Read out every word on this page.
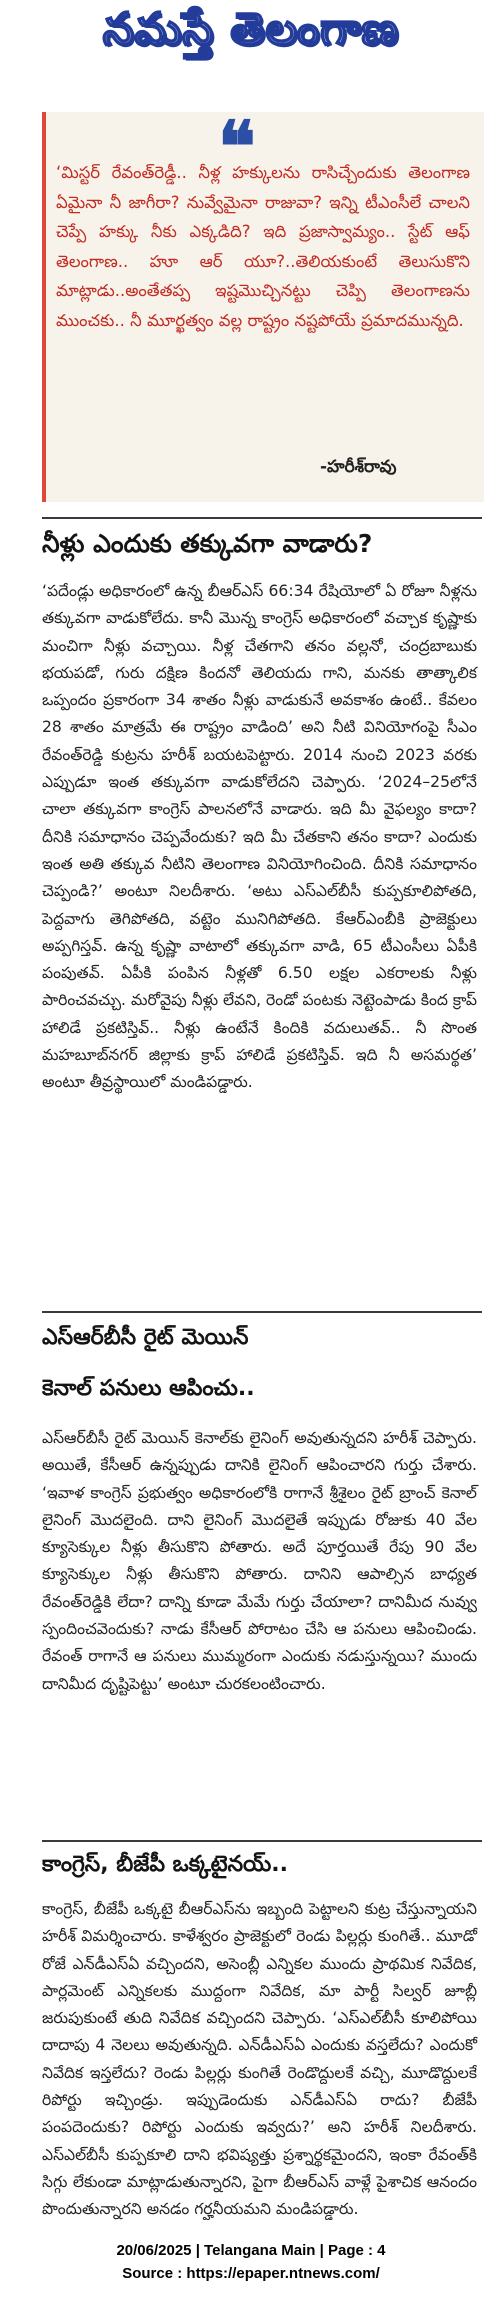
నమస్తే తెలంగాణ
❝

‘మిస్టర్ రేవంత్‌రెడ్డీ.. నీళ్ల హక్కులను రాసిచ్చేందుకు తెలంగాణ ఏమైనా నీ జాగీరా? నువ్వేమైనా రాజువా? ఇన్ని టీఎంసీలే చాలని చెప్పే హక్కు నీకు ఎక్కడిది? ఇది ప్రజాస్వామ్యం.. స్టేట్ ఆఫ్ తెలంగాణ.. హూ ఆర్ యూ?..తెలియకుంటే తెలుసుకొని మాట్లాడు..అంతేతప్ప ఇష్టమొచ్చినట్టు చెప్పి తెలంగాణను ముంచకు.. నీ మూర్ఖత్వం వల్ల రాష్ట్రం నష్టపోయే ప్రమాదమున్నది.

-హరీశ్‌రావు
నీళ్లు ఎందుకు తక్కువగా వాడారు?

‘పదేండ్లు అధికారంలో ఉన్న బీఆర్‌ఎస్ 66:34 రేషియోలో ఏ రోజూ నీళ్లను తక్కువగా వాడుకోలేదు. కానీ మొన్న కాంగ్రెస్ అధికారంలో వచ్చాక కృష్ణాకు మంచిగా నీళ్లు వచ్చాయి. నీళ్ల చేతగాని తనం వల్లనో, చంద్రబాబుకు భయపడో, గురు దక్షిణ కిందనో తెలియదు గాని, మనకు తాత్కాలిక ఒప్పందం ప్రకారంగా 34 శాతం నీళ్లు వాడుకునే అవకాశం ఉంటే.. కేవలం 28 శాతం మాత్రమే ఈ రాష్ట్రం వాడింది’ అని నీటి వినియోగంపై సీఎం రేవంత్‌రెడ్డి కుట్రను హరీశ్ బయటపెట్టారు. 2014 నుంచి 2023 వరకు ఎప్పుడూ ఇంత తక్కువగా వాడుకోలేదని చెప్పారు. ‘2024–25లోనే చాలా తక్కువగా కాంగ్రెస్ పాలనలోనే వాడారు. ఇది మీ వైఫల్యం కాదా? దీనికి సమాధానం చెప్పవేందుకు? ఇది మీ చేతకాని తనం కాదా? ఎందుకు ఇంత అతి తక్కువ నీటిని తెలంగాణ వినియోగించింది. దీనికి సమాధానం చెప్పండి?’ అంటూ నిలదీశారు. ‘అటు ఎస్‌ఎల్‌బీసీ కుప్పకూలిపోతది, పెద్దవాగు తెగిపోతది, వట్టెం మునిగిపోతది. కేఆర్‌ఎంబీకి ప్రాజెక్టులు అప్పగిస్తవ్. ఉన్న కృష్ణా వాటాలో తక్కువగా వాడి, 65 టీఎంసీలు ఏపీకి పంపుతవ్. ఏపీకి పంపిన నీళ్లతో 6.50 లక్షల ఎకరాలకు నీళ్లు పారించవచ్చు. మరోవైపు నీళ్లు లేవని, రెండో పంటకు నెట్టెంపాడు కింద క్రాప్ హాలిడే ప్రకటిస్తివ్.. నీళ్లు ఉంటేనే కిందికి వదులుతవ్.. నీ సొంత మహబూబ్‌నగర్ జిల్లాకు క్రాప్ హాలిడే ప్రకటిస్తివ్. ఇది నీ అసమర్థత’ అంటూ తీవ్రస్థాయిలో మండిపడ్డారు.

ఎస్‌ఆర్‌బీసీ రైట్ మెయిన్
కెనాల్ పనులు ఆపించు..

ఎస్‌ఆర్‌బీసీ రైట్ మెయిన్ కెనాల్‌కు లైనింగ్ అవుతున్నదని హరీశ్ చెప్పారు. అయితే, కేసీఆర్ ఉన్నప్పుడు దానికి లైనింగ్ ఆపించారని గుర్తు చేశారు. ‘ఇవాళ కాంగ్రెస్ ప్రభుత్వం అధికారంలోకి రాగానే శ్రీశైలం రైట్ బ్రాంచ్ కెనాల్ లైనింగ్ మొదలైంది. దాని లైనింగ్ మొదలైతే ఇప్పుడు రోజుకు 40 వేల క్యూసెక్కుల నీళ్లు తీసుకొని పోతారు. అదే పూర్తయితే రేపు 90 వేల క్యూసెక్కుల నీళ్లు తీసుకొని పోతారు. దానిని ఆపాల్సిన బాధ్యత రేవంత్‌రెడ్డికి లేదా? దాన్ని కూడా మేమే గుర్తు చేయాలా? దానిమీద నువ్వు స్పందించవెందుకు? నాడు కేసీఆర్ పోరాటం చేసి ఆ పనులు ఆపించిండు. రేవంత్ రాగానే ఆ పనులు ముమ్మరంగా ఎందుకు నడుస్తున్నయి? ముందు దానిమీద దృష్టిపెట్టు’ అంటూ చురకలంటించారు.

కాంగ్రెస్, బీజేపీ ఒక్కటైనయ్..

కాంగ్రెస్, బీజేపీ ఒక్కటై బీఆర్‌ఎస్‌ను ఇబ్బంది పెట్టాలని కుట్ర చేస్తున్నాయని హరీశ్ విమర్శించారు. కాళేశ్వరం ప్రాజెక్టులో రెండు పిల్లర్లు కుంగితే.. మూడో రోజే ఎన్‌డీఎస్‌ఏ వచ్చిందని, అసెంబ్లీ ఎన్నికల ముందు ప్రాథమిక నివేదిక, పార్లమెంట్ ఎన్నికలకు ముద్దంగా నివేదిక, మా పార్టీ సిల్వర్ జూబ్లీ జరుపుకుంటే తుది నివేదిక వచ్చిందని చెప్పారు. ‘ఎస్‌ఎల్‌బీసీ కూలిపోయి దాదాపు 4 నెలలు అవుతున్నది. ఎన్‌డీఎస్‌ఏ ఎందుకు వస్తలేదు? ఎందుకో నివేదిక ఇస్తలేదు? రెండు పిల్లర్లు కుంగితే రెండొద్దులకే వచ్చి, మూడొద్దులకే రిపోర్టు ఇచ్చిండ్రు. ఇప్పుడెందుకు ఎన్‌డీఎస్‌ఏ రాదు? బీజేపీ పంపదెందుకు? రిపోర్టు ఎందుకు ఇవ్వదు?’ అని హరీశ్ నిలదీశారు. ఎస్‌ఎల్‌బీసీ కుప్పకూలి దాని భవిష్యత్తు ప్రశ్నార్థకమైందని, ఇంకా రేవంత్‌కి సిగ్గు లేకుండా మాట్లాడుతున్నారని, పైగా బీఆర్‌ఎస్ వాళ్లే పైశాచిక ఆనందం పొందుతున్నారని అనడం గర్హనీయమని మండిపడ్డారు.

20/06/2025 | Telangana Main | Page : 4
Source : https://epaper.ntnews.com/
